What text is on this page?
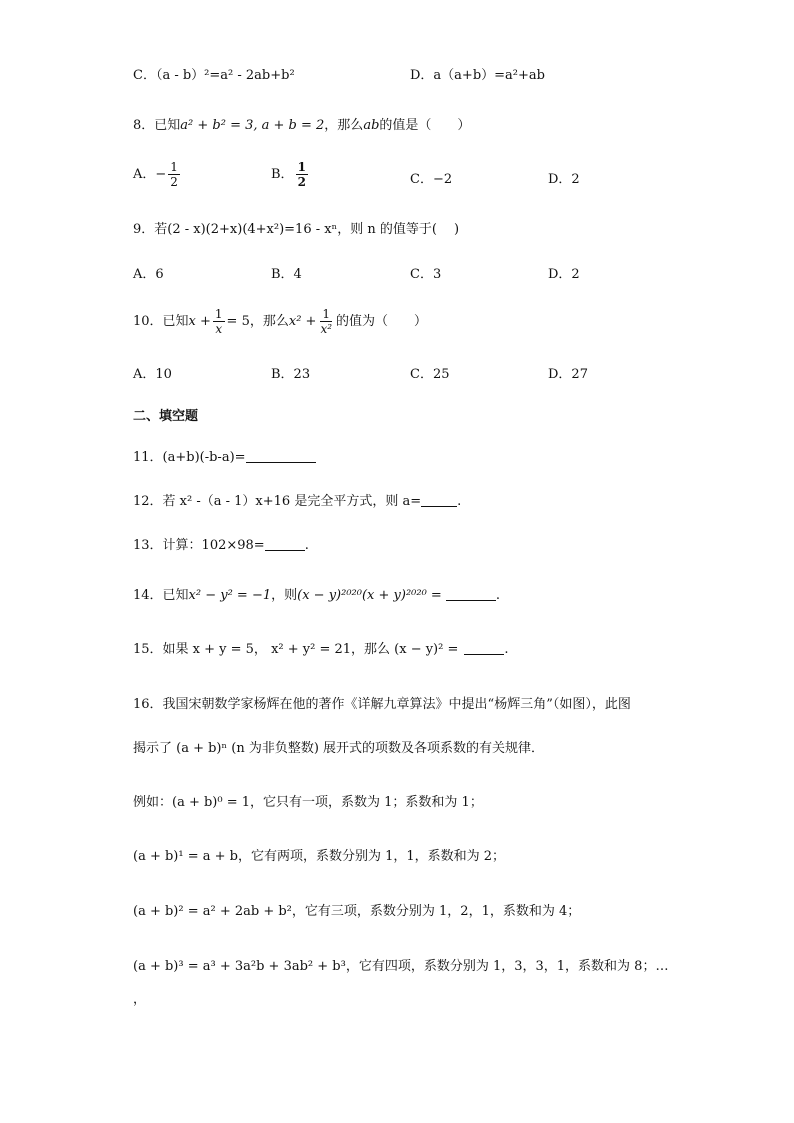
C．（a - b）²=a² - 2ab+b²	D．a（a+b）=a²+ab
8．已知a² + b² = 3, a + b = 2，那么ab的值是（　　）
A．− $\frac{1}{2}$	B． $\frac{1}{2}$	C．−2	D．2
9．若(2 - x)(2+x)(4+x²)=16 - xⁿ，则 n 的值等于(　 )
A．6	B．4	C．3	D．2
10．已知$x + \frac{1}{x} = 5$，那么$x^2 + \frac{1}{\text{x²}}$ 的值为（　　）
A．10	B．23	C．25	D．27
二、填空题
11．(a+b)(-b-a)=
12．若 x² -（a - 1）x+16 是完全平方式，则 a=	.
13．计算：102×98=	.
14．已知x² − y² = −1，则(x − y)²⁰²⁰(x + y)²⁰²⁰ =	.
15．如果 x + y = 5， x² + y² = 21，那么 (x − y)² =	.
16．我国宋朝数学家杨辉在他的著作《详解九章算法》中提出“杨辉三角”（如图），此图
揭示了 (a + b)ⁿ (n 为非负整数) 展开式的项数及各项系数的有关规律．
例如：(a + b)⁰ = 1，它只有一项，系数为 1；系数和为 1；
(a + b)¹ = a + b，它有两项，系数分别为 1，1，系数和为 2；
(a + b)² = a² + 2ab + b²，它有三项，系数分别为 1，2，1，系数和为 4；
(a + b)³ = a³ + 3a²b + 3ab² + b³，它有四项，系数分别为 1，3，3，1，系数和为 8；…
，
